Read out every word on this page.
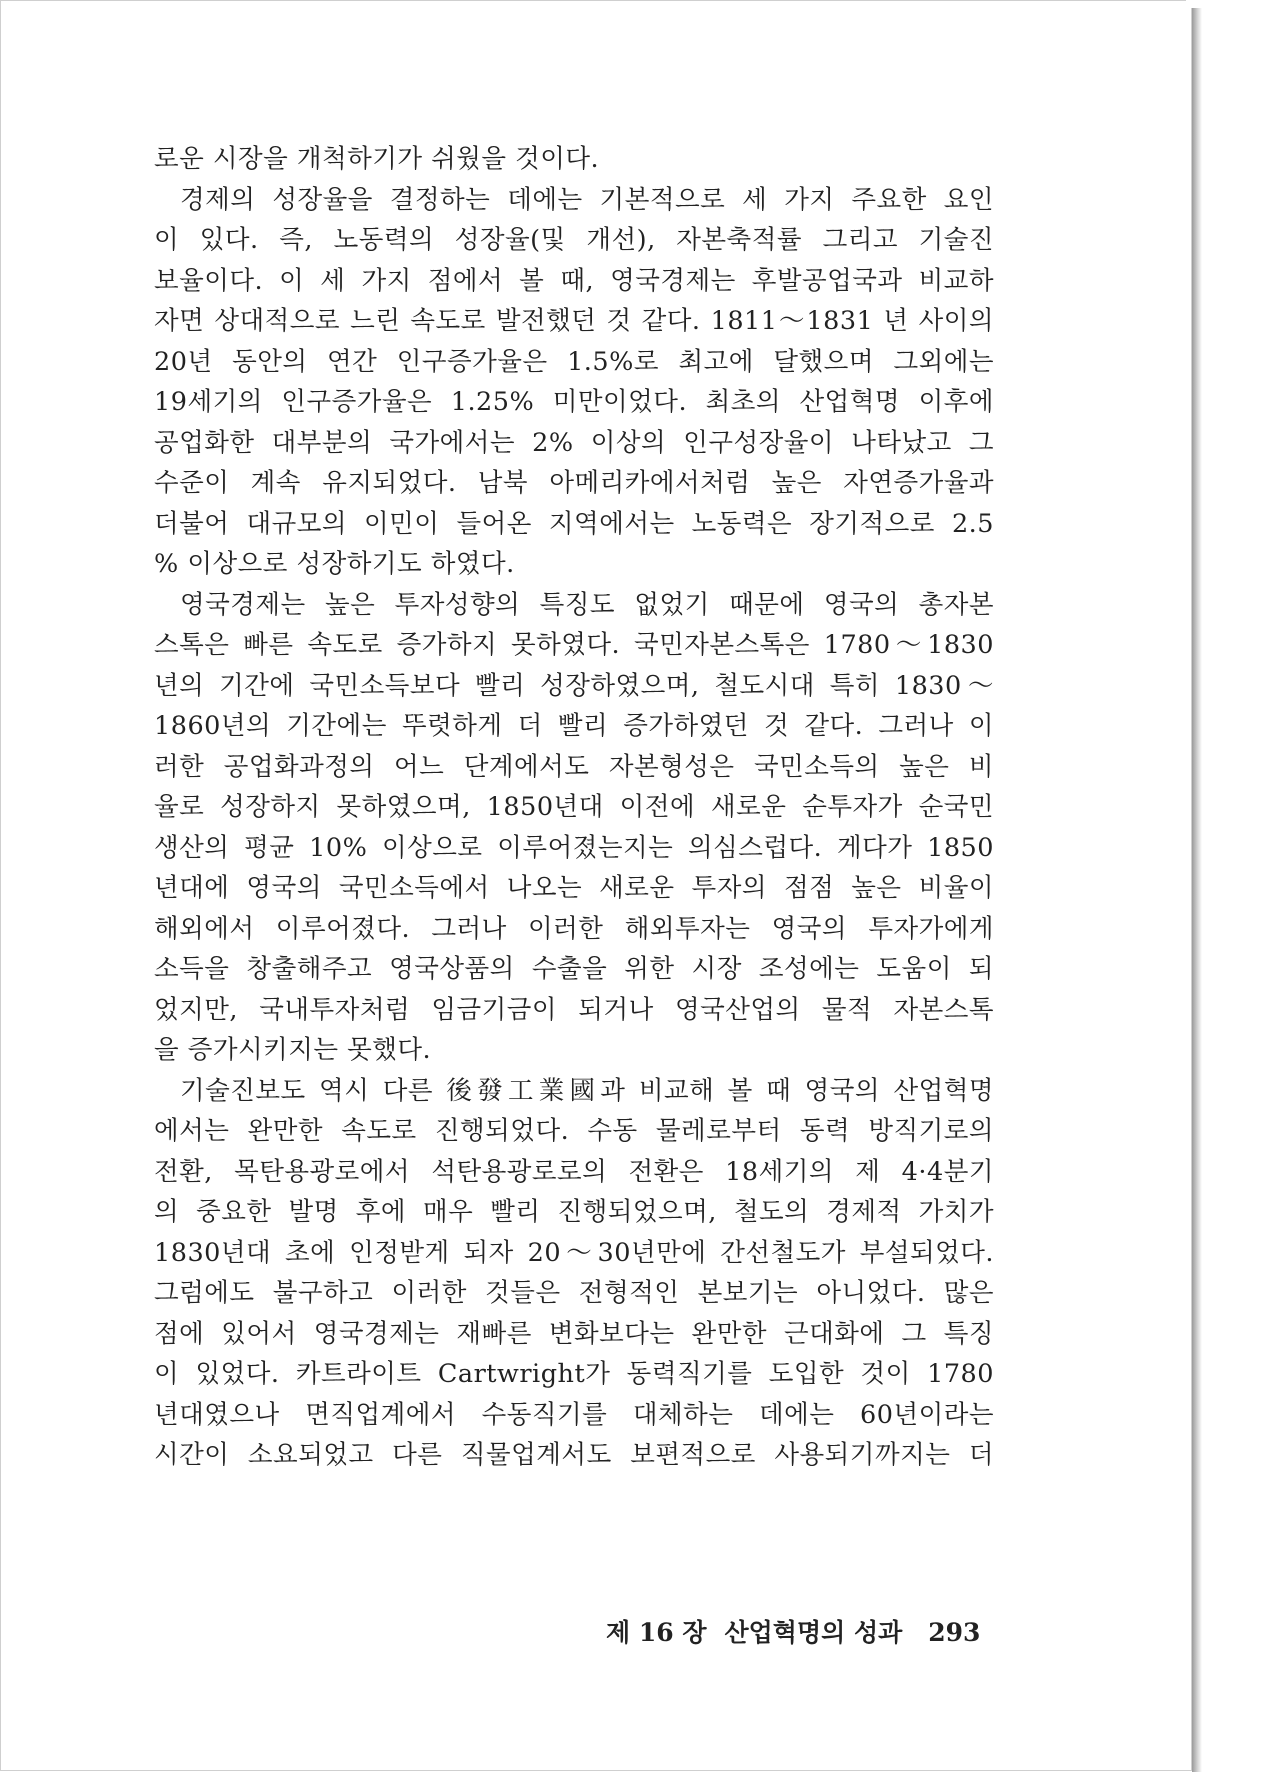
로운 시장을 개척하기가 쉬웠을 것이다.
경제의 성장율을 결정하는 데에는 기본적으로 세 가지 주요한 요인
이 있다. 즉, 노동력의 성장율(및 개선), 자본축적률 그리고 기술진
보율이다. 이 세 가지 점에서 볼 때, 영국경제는 후발공업국과 비교하
자면 상대적으로 느린 속도로 발전했던 것 같다. 1811～1831 년 사이의
20년 동안의 연간 인구증가율은 1.5%로 최고에 달했으며 그외에는
19세기의 인구증가율은 1.25% 미만이었다. 최초의 산업혁명 이후에
공업화한 대부분의 국가에서는 2% 이상의 인구성장율이 나타났고 그
수준이 계속 유지되었다. 남북 아메리카에서처럼 높은 자연증가율과
더불어 대규모의 이민이 들어온 지역에서는 노동력은 장기적으로 2.5
% 이상으로 성장하기도 하였다.
영국경제는 높은 투자성향의 특징도 없었기 때문에 영국의 총자본
스톡은 빠른 속도로 증가하지 못하였다. 국민자본스톡은 1780～1830
년의 기간에 국민소득보다 빨리 성장하였으며, 철도시대 특히 1830～
1860년의 기간에는 뚜렷하게 더 빨리 증가하였던 것 같다. 그러나 이
러한 공업화과정의 어느 단계에서도 자본형성은 국민소득의 높은 비
율로 성장하지 못하였으며, 1850년대 이전에 새로운 순투자가 순국민
생산의 평균 10% 이상으로 이루어졌는지는 의심스럽다. 게다가 1850
년대에 영국의 국민소득에서 나오는 새로운 투자의 점점 높은 비율이
해외에서 이루어졌다. 그러나 이러한 해외투자는 영국의 투자가에게
소득을 창출해주고 영국상품의 수출을 위한 시장 조성에는 도움이 되
었지만, 국내투자처럼 임금기금이 되거나 영국산업의 물적 자본스톡
을 증가시키지는 못했다.
기술진보도 역시 다른 後發工業國과 비교해 볼 때 영국의 산업혁명
에서는 완만한 속도로 진행되었다. 수동 물레로부터 동력 방직기로의
전환, 목탄용광로에서 석탄용광로로의 전환은 18세기의 제 4·4분기
의 중요한 발명 후에 매우 빨리 진행되었으며, 철도의 경제적 가치가
1830년대 초에 인정받게 되자 20～30년만에 간선철도가 부설되었다.
그럼에도 불구하고 이러한 것들은 전형적인 본보기는 아니었다. 많은
점에 있어서 영국경제는 재빠른 변화보다는 완만한 근대화에 그 특징
이 있었다. 카트라이트 Cartwright가 동력직기를 도입한 것이 1780
년대였으나 면직업계에서 수동직기를 대체하는 데에는 60년이라는
시간이 소요되었고 다른 직물업계서도 보편적으로 사용되기까지는 더
제 16 장 산업혁명의 성과 293
